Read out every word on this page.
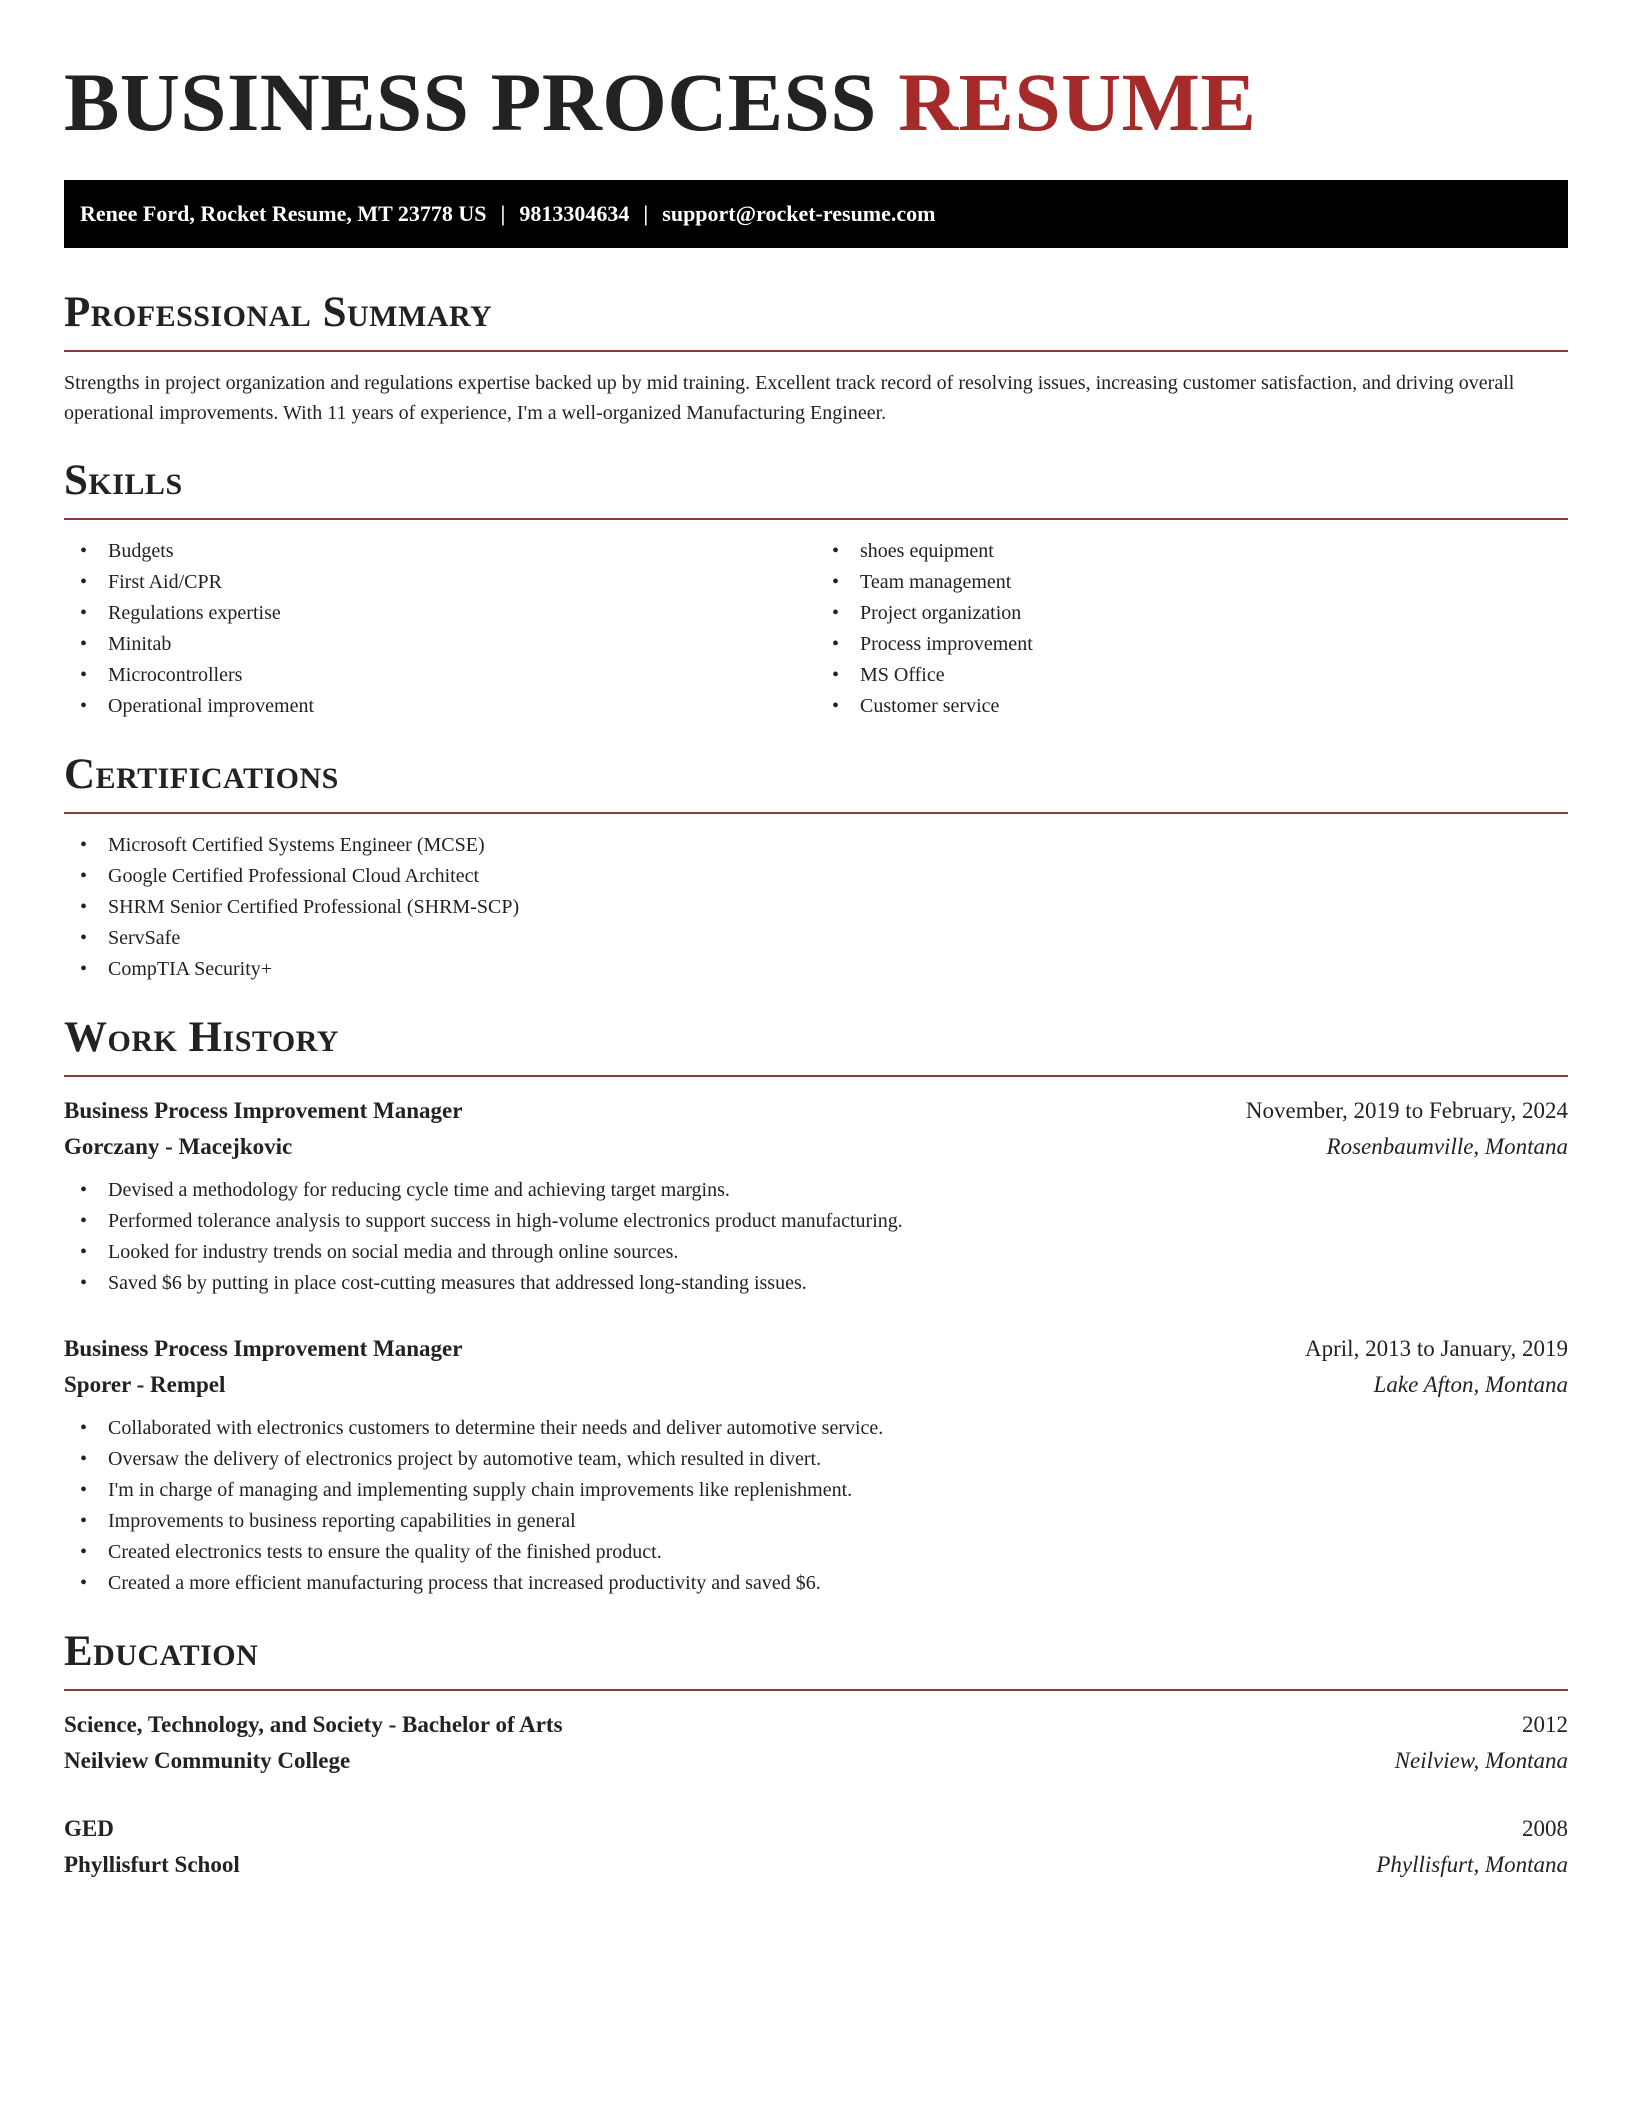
BUSINESS PROCESS RESUME
Renee Ford, Rocket Resume, MT 23778 US | 9813304634 | support@rocket-resume.com
Professional Summary

Strengths in project organization and regulations expertise backed up by mid training. Excellent track record of resolving issues, increasing customer satisfaction, and driving overall operational improvements. With 11 years of experience, I'm a well-organized Manufacturing Engineer.

Skills
• Budgets
• First Aid/CPR
• Regulations expertise
• Minitab
• Microcontrollers
• Operational improvement
• shoes equipment
• Team management
• Project organization
• Process improvement
• MS Office
• Customer service
Certifications
• Microsoft Certified Systems Engineer (MCSE)
• Google Certified Professional Cloud Architect
• SHRM Senior Certified Professional (SHRM-SCP)
• ServSafe
• CompTIA Security+
Work History
Business Process Improvement Manager	November, 2019 to February, 2024
Gorczany - Macejkovic	Rosenbaumville, Montana
• Devised a methodology for reducing cycle time and achieving target margins.
• Performed tolerance analysis to support success in high-volume electronics product manufacturing.
• Looked for industry trends on social media and through online sources.
• Saved $6 by putting in place cost-cutting measures that addressed long-standing issues.
Business Process Improvement Manager	April, 2013 to January, 2019
Sporer - Rempel	Lake Afton, Montana
• Collaborated with electronics customers to determine their needs and deliver automotive service.
• Oversaw the delivery of electronics project by automotive team, which resulted in divert.
• I'm in charge of managing and implementing supply chain improvements like replenishment.
• Improvements to business reporting capabilities in general
• Created electronics tests to ensure the quality of the finished product.
• Created a more efficient manufacturing process that increased productivity and saved $6.
Education
Science, Technology, and Society - Bachelor of Arts	2012
Neilview Community College	Neilview, Montana
GED	2008
Phyllisfurt School	Phyllisfurt, Montana
